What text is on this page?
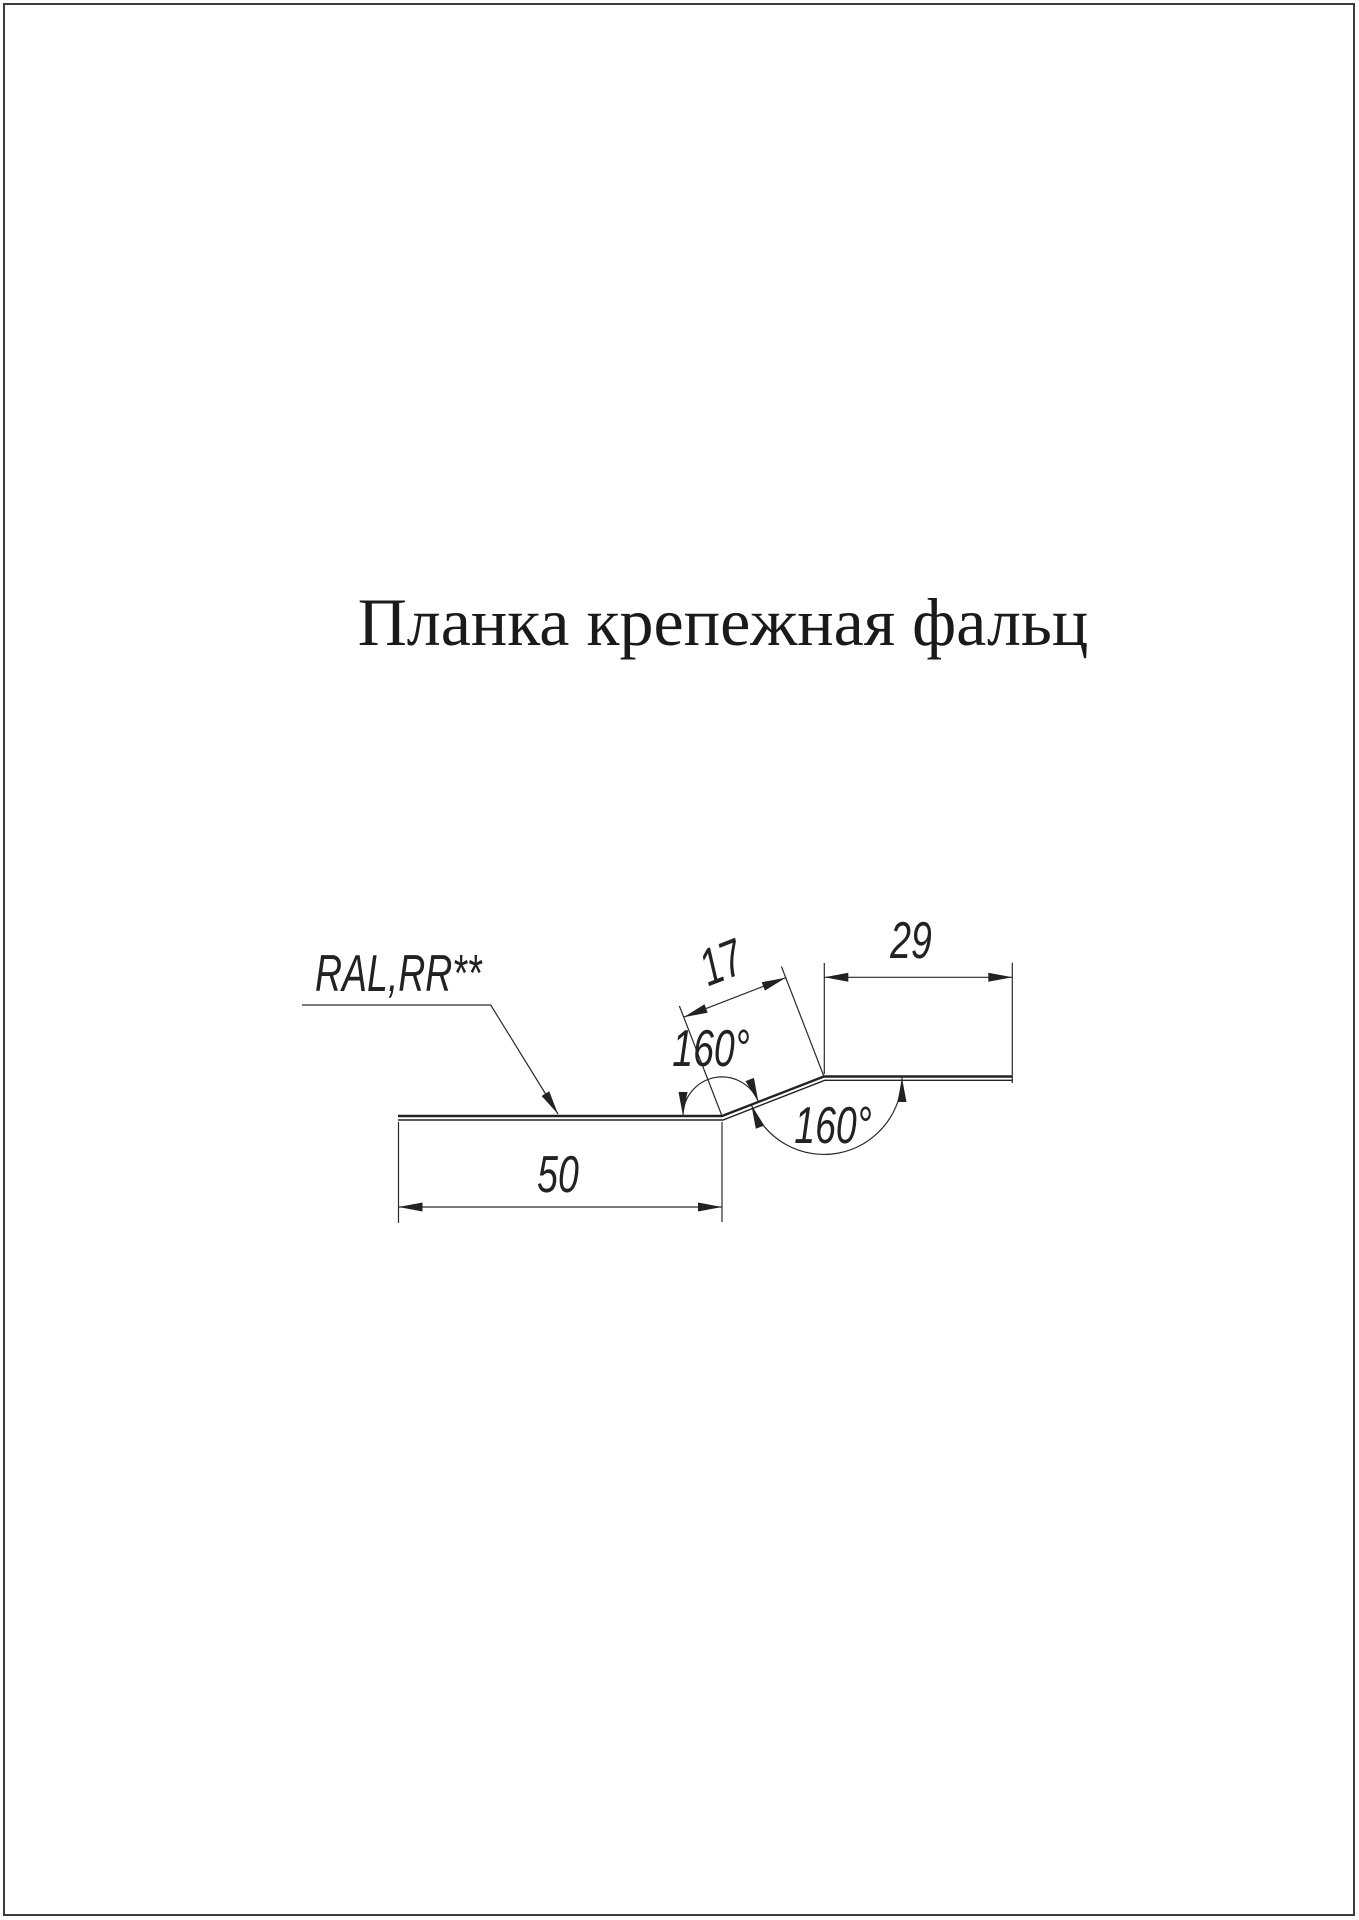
Планка крепежная фальц
50
17	29
160°
160°
RAL,RR**
